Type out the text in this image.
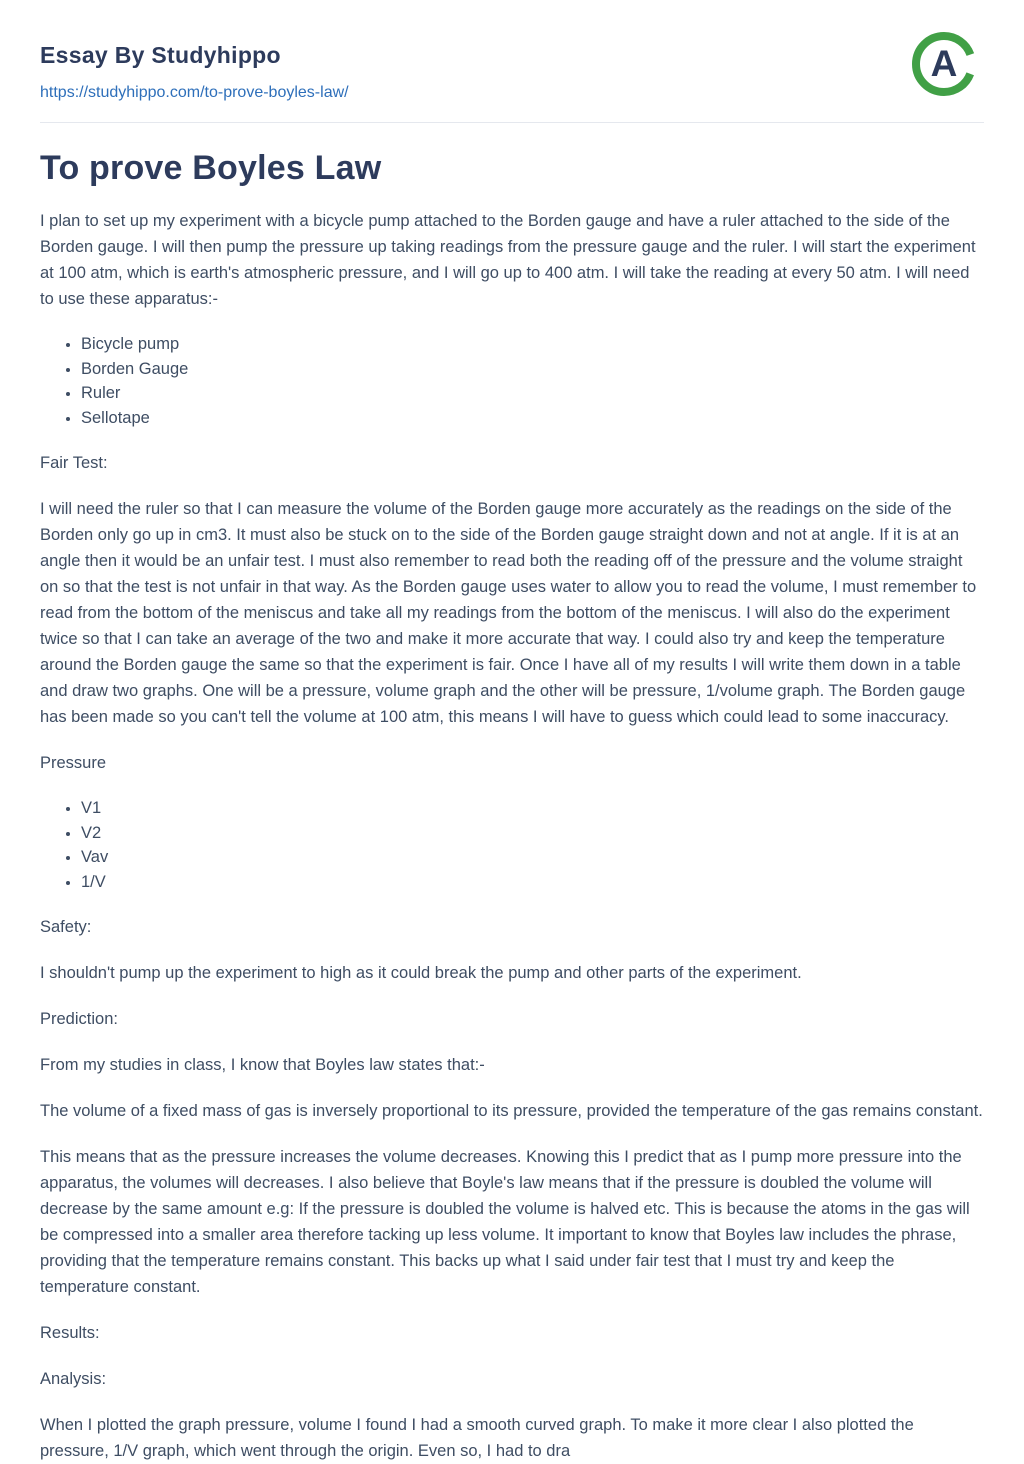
Essay By Studyhippo
https://studyhippo.com/to-prove-boyles-law/
A
To prove Boyles Law

I plan to set up my experiment with a bicycle pump attached to the Borden gauge and have a ruler attached to the side of the Borden gauge. I will then pump the pressure up taking readings from the pressure gauge and the ruler. I will start the experiment at 100 atm, which is earth's atmospheric pressure, and I will go up to 400 atm. I will take the reading at every 50 atm. I will need to use these apparatus:-

• Bicycle pump
• Borden Gauge
• Ruler
• Sellotape

Fair Test:

I will need the ruler so that I can measure the volume of the Borden gauge more accurately as the readings on the side of the Borden only go up in cm3. It must also be stuck on to the side of the Borden gauge straight down and not at angle. If it is at an angle then it would be an unfair test. I must also remember to read both the reading off of the pressure and the volume straight on so that the test is not unfair in that way. As the Borden gauge uses water to allow you to read the volume, I must remember to read from the bottom of the meniscus and take all my readings from the bottom of the meniscus. I will also do the experiment twice so that I can take an average of the two and make it more accurate that way. I could also try and keep the temperature around the Borden gauge the same so that the experiment is fair. Once I have all of my results I will write them down in a table and draw two graphs. One will be a pressure, volume graph and the other will be pressure, 1/volume graph. The Borden gauge has been made so you can't tell the volume at 100 atm, this means I will have to guess which could lead to some inaccuracy.

Pressure

• V1
• V2
• Vav
• 1/V

Safety:

I shouldn't pump up the experiment to high as it could break the pump and other parts of the experiment.

Prediction:

From my studies in class, I know that Boyles law states that:-

The volume of a fixed mass of gas is inversely proportional to its pressure, provided the temperature of the gas remains constant.

This means that as the pressure increases the volume decreases. Knowing this I predict that as I pump more pressure into the apparatus, the volumes will decreases. I also believe that Boyle's law means that if the pressure is doubled the volume will decrease by the same amount e.g: If the pressure is doubled the volume is halved etc. This is because the atoms in the gas will be compressed into a smaller area therefore tacking up less volume. It important to know that Boyles law includes the phrase, providing that the temperature remains constant. This backs up what I said under fair test that I must try and keep the temperature constant.

Results:

Analysis:

When I plotted the graph pressure, volume I found I had a smooth curved graph. To make it more clear I also plotted the pressure, 1/V graph, which went through the origin. Even so, I had to dra
